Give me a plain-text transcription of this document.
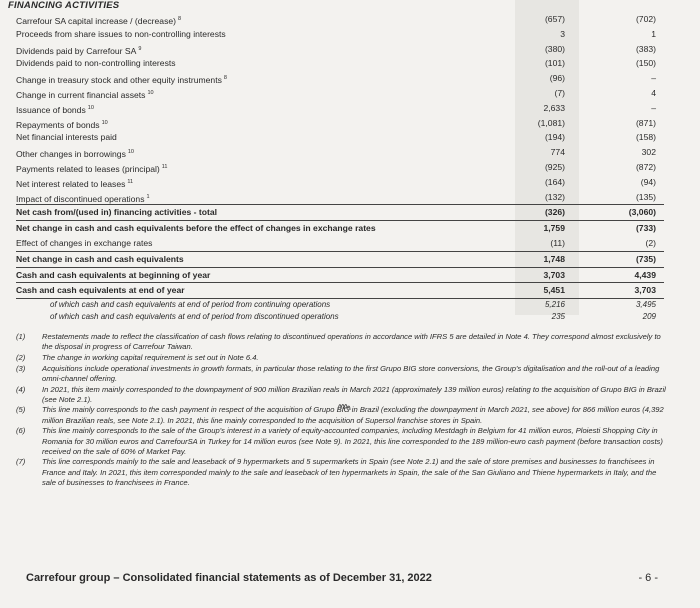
FINANCING ACTIVITIES
Carrefour SA capital increase / (decrease) $^8$	(657)	(702)
Proceeds from share issues to non-controlling interests	3	1
Dividends paid by Carrefour SA $^9$	(380)	(383)
Dividends paid to non-controlling interests	(101)	(150)
Change in treasury stock and other equity instruments $^8$	(96)	–
Change in current financial assets $^{10}$	(7)	4
Issuance of bonds $^{10}$	2,633	–
Repayments of bonds $^{10}$	(1,081)	(871)
Net financial interests paid	(194)	(158)
Other changes in borrowings $^{10}$	774	302
Payments related to leases (principal) $^{11}$	(925)	(872)
Net interest related to leases $^{11}$	(164)	(94)
Impact of discontinued operations $^1$	(132)	(135)
Net cash from/(used in) financing activities - total	(326)	(3,060)
Net change in cash and cash equivalents before the effect of changes in exchange rates	1,759	(733)
Effect of changes in exchange rates	(11)	(2)
Net change in cash and cash equivalents	1,748	(735)
Cash and cash equivalents at beginning of year	3,703	4,439
Cash and cash equivalents at end of year	5,451	3,703
of which cash and cash equivalents at end of period from continuing operations	5,216	3,495
of which cash and cash equivalents at end of period from discontinued operations	235	209
(1) Restatements made to reflect the classification of cash flows relating to discontinued operations in accordance with IFRS 5 are detailed in Note 4. They correspond almost exclusively to the disposal in progress of Carrefour Taiwan.
(2) The change in working capital requirement is set out in Note 6.4.
(3) Acquisitions include operational investments in growth formats, in particular those relating to the first Grupo BIG store conversions, the Group's digitalisation and the roll-out of a leading omni-channel offering.
(4) In 2021, this item mainly corresponded to the downpayment of 900 million Brazilian reals in March 2021 (approximately 139 million euros) relating to the acquisition of Grupo BIG in Brazil (see Note 2.1).
(5) This line mainly corresponds to the cash payment in respect of the acquisition of Grupo BIG in Brazil (excluding the downpayment in March 2021, see above) for 866 million euros (4,392 million Brazilian reals, see Note 2.1). In 2021, this line mainly corresponded to the acquisition of Supersol franchise stores in Spain.
(6) This line mainly corresponds to the sale of the Group's interest in a variety of equity-accounted companies, including Mestdagh in Belgium for 41 million euros, Ploiesti Shopping City in Romania for 30 million euros and CarrefourSA in Turkey for 14 million euros (see Note 9). In 2021, this line corresponded to the 189 million-euro cash payment (before transaction costs) received on the sale of 60% of Market Pay.
(7) This line corresponds mainly to the sale and leaseback of 9 hypermarkets and 5 supermarkets in Spain (see Note 2.1) and the sale of store premises and businesses to franchisees in France and Italy. In 2021, this item corresponded mainly to the sale and leaseback of ten hypermarkets in Spain, the sale of the San Giuliano and Thiene hypermarkets in Italy, and the sale of businesses to franchisees in France.
Carrefour group – Consolidated financial statements as of December 31, 2022	- 6 -
